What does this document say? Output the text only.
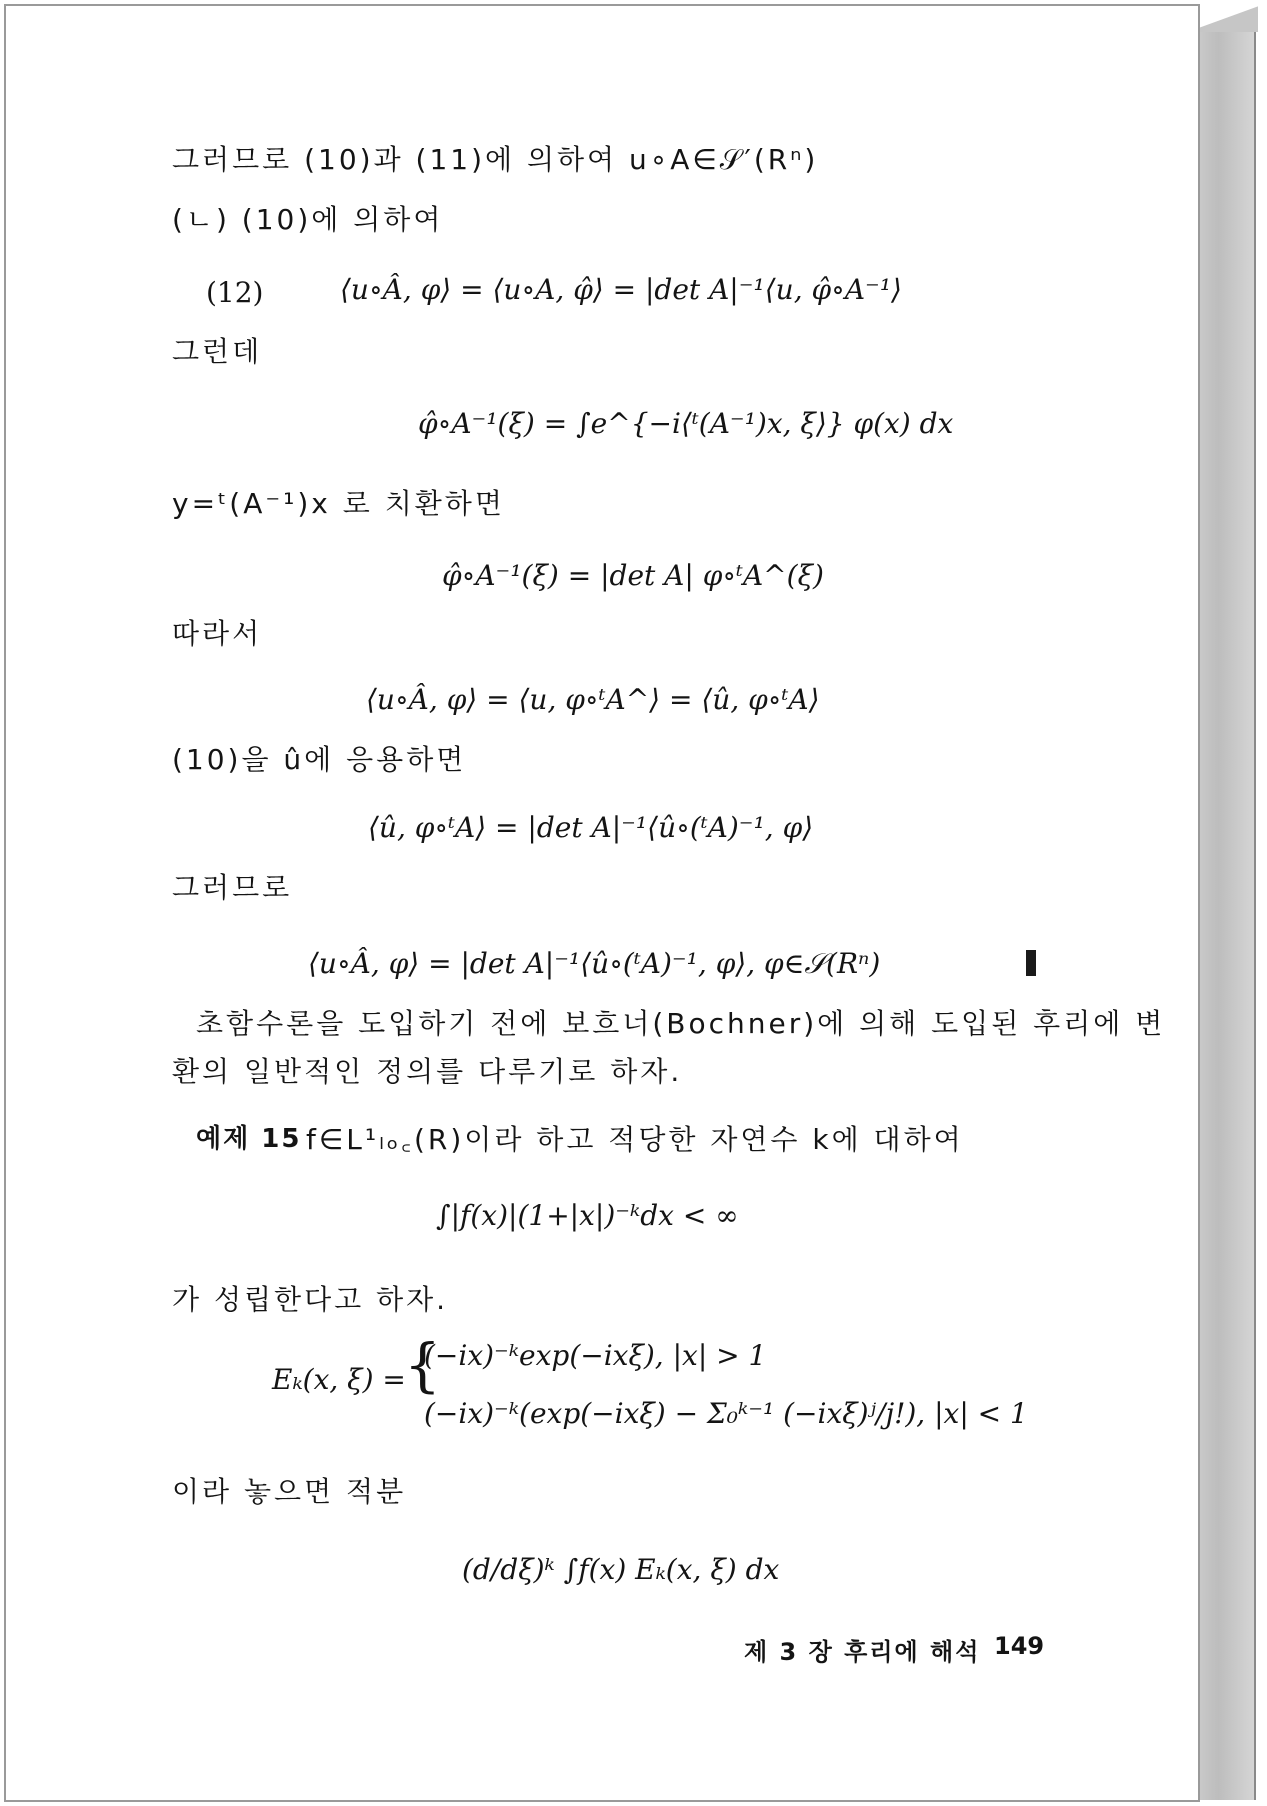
그러므로 (10)과 (11)에 의하여 u∘A∈𝒮′(Rⁿ)
(ㄴ) (10)에 의하여
(12)	⟨u∘Â, φ⟩ = ⟨u∘A, φ̂⟩ = |det A|⁻¹⟨u, φ̂∘A⁻¹⟩
그런데
φ̂∘A⁻¹(ξ) = ∫e^{−i⟨ᵗ(A⁻¹)x, ξ⟩} φ(x) dx
y=ᵗ(A⁻¹)x 로 치환하면
φ̂∘A⁻¹(ξ) = |det A| φ∘ᵗA^(ξ)
따라서
⟨u∘Â, φ⟩ = ⟨u, φ∘ᵗA^⟩ = ⟨û, φ∘ᵗA⟩
(10)을 û에 응용하면
⟨û, φ∘ᵗA⟩ = |det A|⁻¹⟨û∘(ᵗA)⁻¹, φ⟩
그러므로
⟨u∘Â, φ⟩ = |det A|⁻¹⟨û∘(ᵗA)⁻¹, φ⟩, φ∈𝒮(Rⁿ)
초함수론을 도입하기 전에 보흐너(Bochner)에 의해 도입된 후리에 변
환의 일반적인 정의를 다루기로 하자.
예제 15 f∈L¹ₗₒ꜀(R)이라 하고 적당한 자연수 k에 대하여
∫|f(x)|(1+|x|)⁻ᵏdx < ∞
가 성립한다고 하자.
Eₖ(x, ξ) =
{
(−ix)⁻ᵏexp(−ixξ), |x| > 1
(−ix)⁻ᵏ(exp(−ixξ) − Σ₀ᵏ⁻¹ (−ixξ)ʲ/j!), |x| < 1
이라 놓으면 적분
(d/dξ)ᵏ ∫f(x) Eₖ(x, ξ) dx
제 3 장 후리에 해석 149
